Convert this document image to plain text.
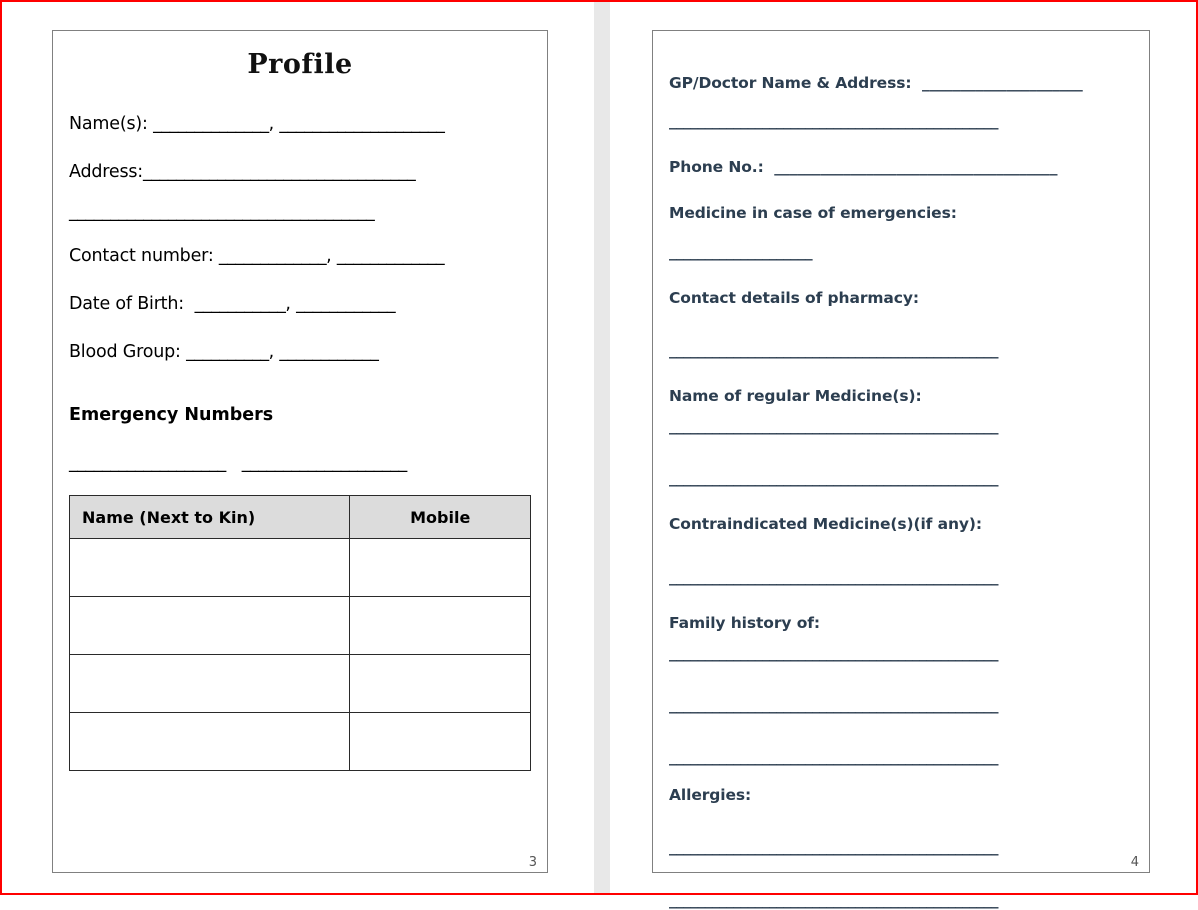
Profile
Name(s): ______________, ____________________
Address:_________________________________
_____________________________________
Contact number: _____________, _____________
Date of Birth: ___________, ____________
Blood Group: __________, ____________
Emergency Numbers
___________________ ____________________
Name (Next to Kin)	Mobile

3
GP/Doctor Name & Address: _____________________
______________________________________________
Phone No.: _____________________________________
Medicine in case of emergencies:
____________________
Contact details of pharmacy:
______________________________________________
Name of regular Medicine(s):
______________________________________________
______________________________________________
Contraindicated Medicine(s)(if any):
______________________________________________
Family history of:
______________________________________________
______________________________________________
______________________________________________
Allergies:
______________________________________________
______________________________________________
4
